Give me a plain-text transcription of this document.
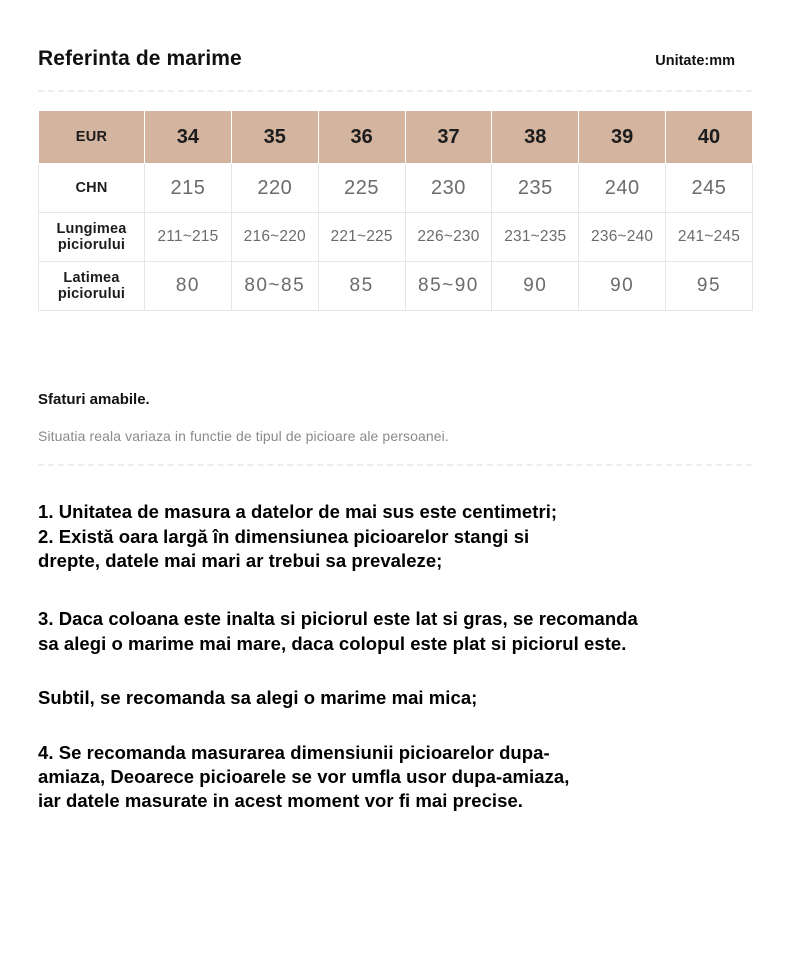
Referinta de marime	Unitate:mm
EUR	34	35	36	37	38	39	40

CHN	215	220	225	230	235	240	245

Lungimea
piciorului	211~215	216~220	221~225	226~230	231~235	236~240	241~245

Latimea
piciorului	80	80~85	85	85~90	90	90	95
Sfaturi amabile.
Situatia reala variaza in functie de tipul de picioare ale persoanei.
1. Unitatea de masura a datelor de mai sus este centimetri;
2. Există oara largă în dimensiunea picioarelor stangi si
drepte, datele mai mari ar trebui sa prevaleze;
3. Daca coloana este inalta si piciorul este lat si gras, se recomanda
sa alegi o marime mai mare, daca colopul este plat si piciorul este.
Subtil, se recomanda sa alegi o marime mai mica;
4. Se recomanda masurarea dimensiunii picioarelor dupa-
amiaza, Deoarece picioarele se vor umfla usor dupa-amiaza,
iar datele masurate in acest moment vor fi mai precise.
